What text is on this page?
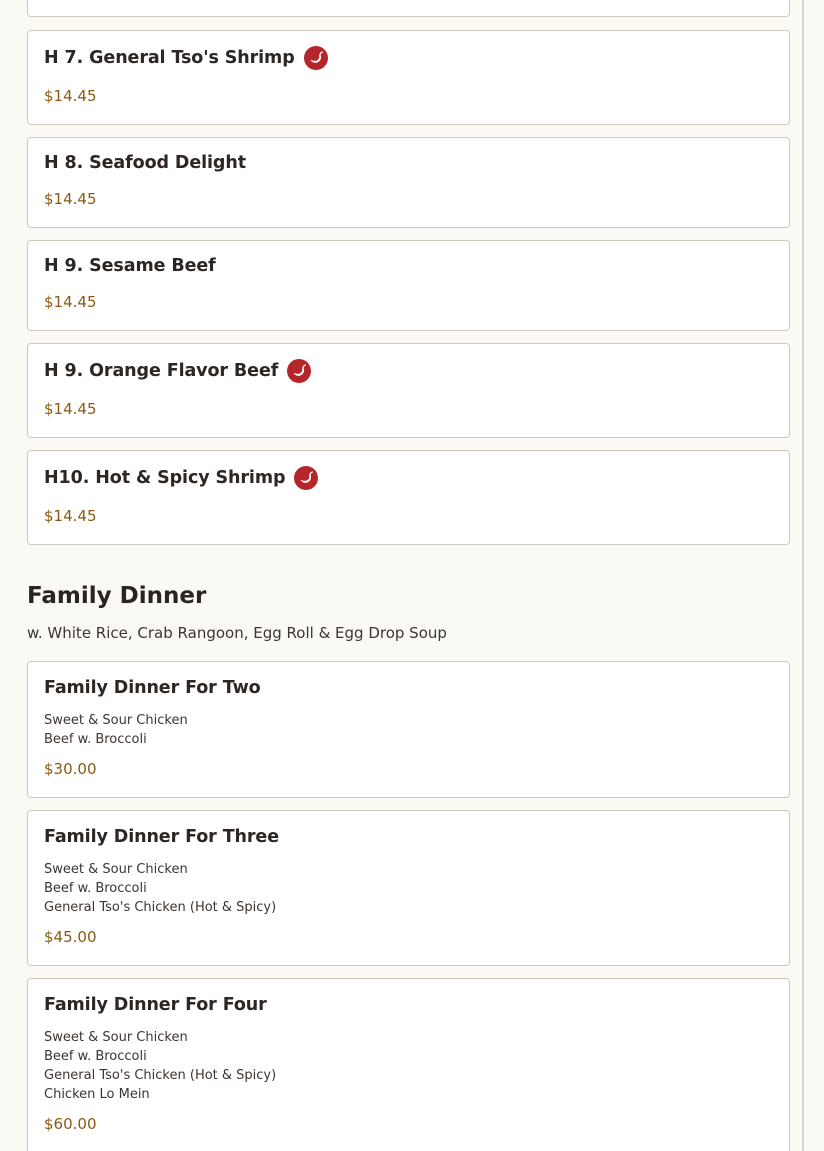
H 7. General Tso's Shrimp
$14.45
H 8. Seafood Delight
$14.45
H 9. Sesame Beef
$14.45
H 9. Orange Flavor Beef
$14.45
H10. Hot & Spicy Shrimp
$14.45
Family Dinner
w. White Rice, Crab Rangoon, Egg Roll & Egg Drop Soup
Family Dinner For Two
Sweet & Sour Chicken
Beef w. Broccoli
$30.00
Family Dinner For Three
Sweet & Sour Chicken
Beef w. Broccoli
General Tso's Chicken (Hot & Spicy)
$45.00
Family Dinner For Four
Sweet & Sour Chicken
Beef w. Broccoli
General Tso's Chicken (Hot & Spicy)
Chicken Lo Mein
$60.00
